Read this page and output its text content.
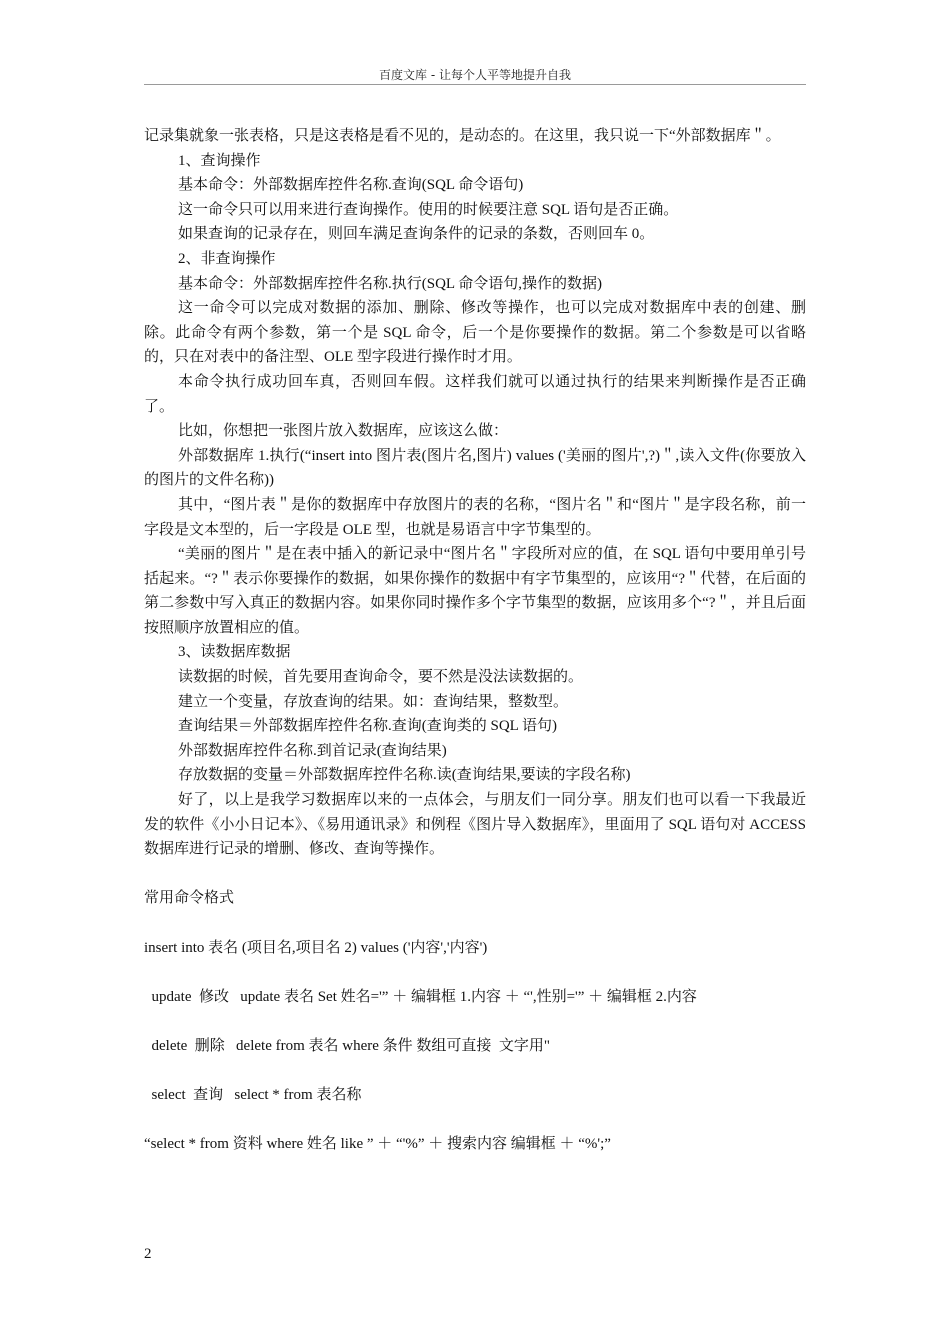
百度文库 - 让每个人平等地提升自我

记录集就象一张表格，只是这表格是看不见的，是动态的。在这里，我只说一下“外部数据库＂。

1、查询操作

基本命令：外部数据库控件名称.查询(SQL 命令语句)

这一命令只可以用来进行查询操作。使用的时候要注意 SQL 语句是否正确。

如果查询的记录存在，则回车满足查询条件的记录的条数，否则回车 0。

2、非查询操作

基本命令：外部数据库控件名称.执行(SQL 命令语句,操作的数据)

这一命令可以完成对数据的添加、删除、修改等操作，也可以完成对数据库中表的创建、删除。此命令有两个参数，第一个是 SQL 命令，后一个是你要操作的数据。第二个参数是可以省略的，只在对表中的备注型、OLE 型字段进行操作时才用。

本命令执行成功回车真，否则回车假。这样我们就可以通过执行的结果来判断操作是否正确了。

比如，你想把一张图片放入数据库，应该这么做：

外部数据库 1.执行(“insert into 图片表(图片名,图片) values ('美丽的图片',?)＂,读入文件(你要放入的图片的文件名称))

其中，“图片表＂是你的数据库中存放图片的表的名称，“图片名＂和“图片＂是字段名称，前一字段是文本型的，后一字段是 OLE 型，也就是易语言中字节集型的。

“美丽的图片＂是在表中插入的新记录中“图片名＂字段所对应的值，在 SQL 语句中要用单引号括起来。“?＂表示你要操作的数据，如果你操作的数据中有字节集型的，应该用“?＂代替，在后面的第二参数中写入真正的数据内容。如果你同时操作多个字节集型的数据，应该用多个“?＂，并且后面按照顺序放置相应的值。

3、读数据库数据

读数据的时候，首先要用查询命令，要不然是没法读数据的。

建立一个变量，存放查询的结果。如：查询结果，整数型。

查询结果＝外部数据库控件名称.查询(查询类的 SQL 语句)

外部数据库控件名称.到首记录(查询结果)

存放数据的变量＝外部数据库控件名称.读(查询结果,要读的字段名称)

好了，以上是我学习数据库以来的一点体会，与朋友们一同分享。朋友们也可以看一下我最近发的软件《小小日记本》、《易用通讯录》和例程《图片导入数据库》，里面用了 SQL 语句对 ACCESS 数据库进行记录的增删、修改、查询等操作。

常用命令格式

insert into 表名 (项目名,项目名 2) values ('内容','内容')

update  修改   update 表名 Set 姓名='” ＋ 编辑框 1.内容 ＋ “',性别='” ＋ 编辑框 2.内容

delete  删除   delete from 表名 where 条件 数组可直接  文字用"

select  查询   select * from 表名称

“select * from 资料 where 姓名 like ” ＋ “'%” ＋ 搜索内容 编辑框 ＋ “%';”

2
